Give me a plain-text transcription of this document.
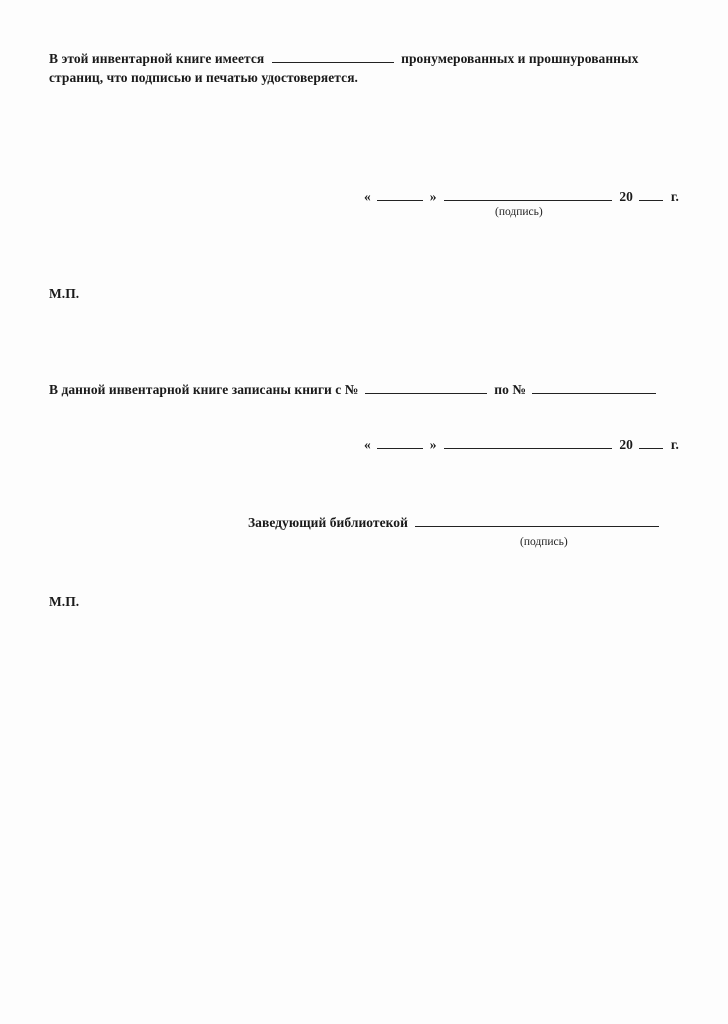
В этой инвентарной книге имеется	пронумерованных и прошнурованных
страниц, что подписью и печатью удостоверяется.
«	»	20	г.
(подпись)
М.П.
В данной инвентарной книге записаны книги с №	по №
«	»	20	г.
Заведующий библиотекой
(подпись)
М.П.
